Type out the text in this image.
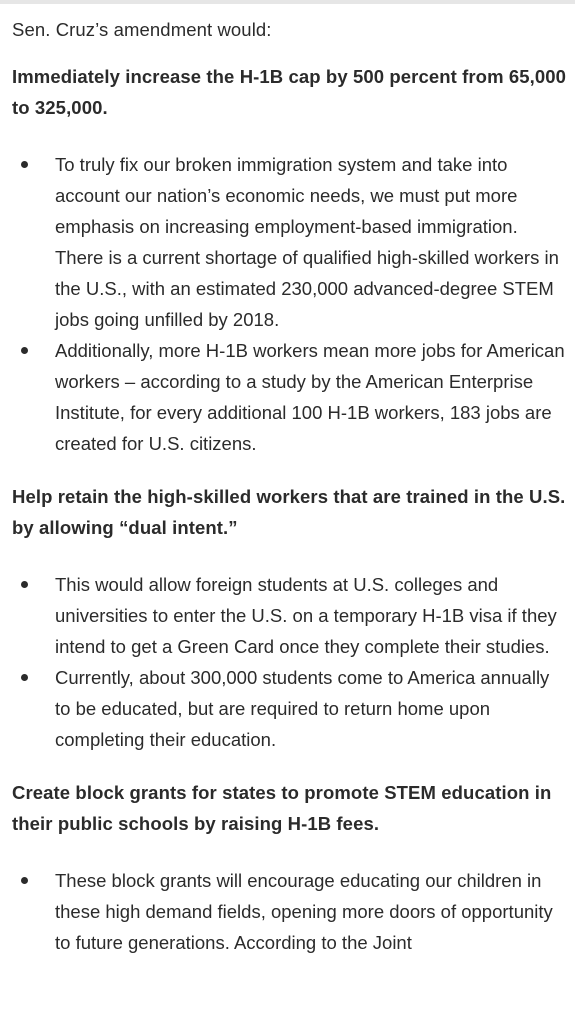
Sen. Cruz’s amendment would:

Immediately increase the H-1B cap by 500 percent from 65,000 to 325,000.

To truly fix our broken immigration system and take into account our nation’s economic needs, we must put more emphasis on increasing employment-based immigration. There is a current shortage of qualified high-skilled workers in the U.S., with an estimated 230,000 advanced-degree STEM jobs going unfilled by 2018.
Additionally, more H-1B workers mean more jobs for American workers – according to a study by the American Enterprise Institute, for every additional 100 H-1B workers, 183 jobs are created for U.S. citizens.

Help retain the high-skilled workers that are trained in the U.S. by allowing “dual intent.”

This would allow foreign students at U.S. colleges and universities to enter the U.S. on a temporary H-1B visa if they intend to get a Green Card once they complete their studies.
Currently, about 300,000 students come to America annually to be educated, but are required to return home upon completing their education.

Create block grants for states to promote STEM education in their public schools by raising H-1B fees.

These block grants will encourage educating our children in these high demand fields, opening more doors of opportunity to future generations. According to the Joint
